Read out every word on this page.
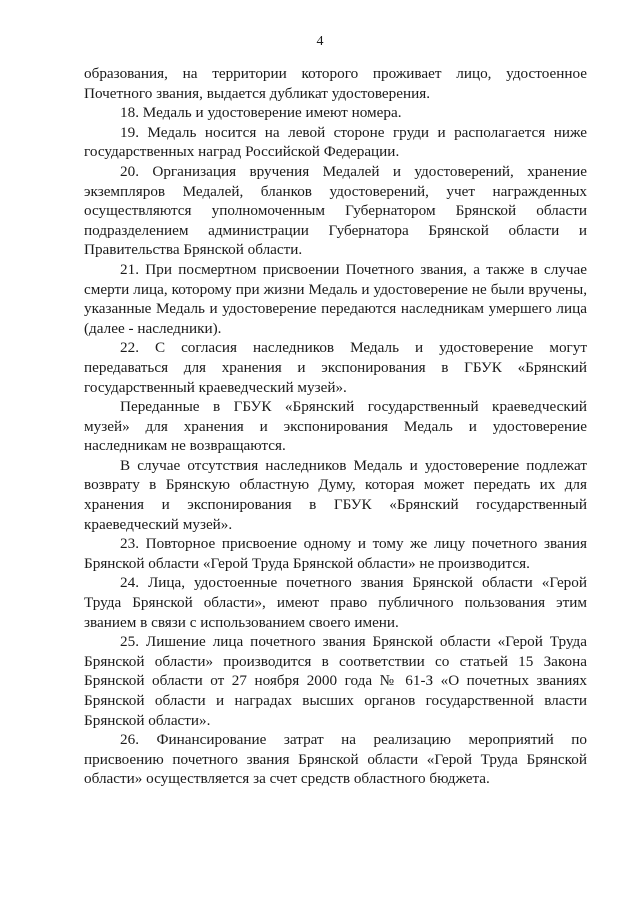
4

образования, на территории которого проживает лицо, удостоенное Почетного звания, выдается дубликат удостоверения.

18. Медаль и удостоверение имеют номера.

19. Медаль носится на левой стороне груди и располагается ниже государственных наград Российской Федерации.

20. Организация вручения Медалей и удостоверений, хранение экземпляров Медалей, бланков удостоверений, учет награжденных осуществляются уполномоченным Губернатором Брянской области подразделением администрации Губернатора Брянской области и Правительства Брянской области.

21. При посмертном присвоении Почетного звания, а также в случае смерти лица, которому при жизни Медаль и удостоверение не были вручены, указанные Медаль и удостоверение передаются наследникам умершего лица (далее - наследники).

22. С согласия наследников Медаль и удостоверение могут передаваться для хранения и экспонирования в ГБУК «Брянский государственный краеведческий музей».

Переданные в ГБУК «Брянский государственный краеведческий музей» для хранения и экспонирования Медаль и удостоверение наследникам не возвращаются.

В случае отсутствия наследников Медаль и удостоверение подлежат возврату в Брянскую областную Думу, которая может передать их для хранения и экспонирования в ГБУК «Брянский государственный краеведческий музей».

23. Повторное присвоение одному и тому же лицу почетного звания Брянской области «Герой Труда Брянской области» не производится.

24. Лица, удостоенные почетного звания Брянской области «Герой Труда Брянской области», имеют право публичного пользования этим званием в связи с использованием своего имени.

25. Лишение лица почетного звания Брянской области «Герой Труда Брянской области» производится в соответствии со статьей 15 Закона Брянской области от 27 ноября 2000 года № 61-З «О почетных званиях Брянской области и наградах высших органов государственной власти Брянской области».

26. Финансирование затрат на реализацию мероприятий по присвоению почетного звания Брянской области «Герой Труда Брянской области» осуществляется за счет средств областного бюджета.
